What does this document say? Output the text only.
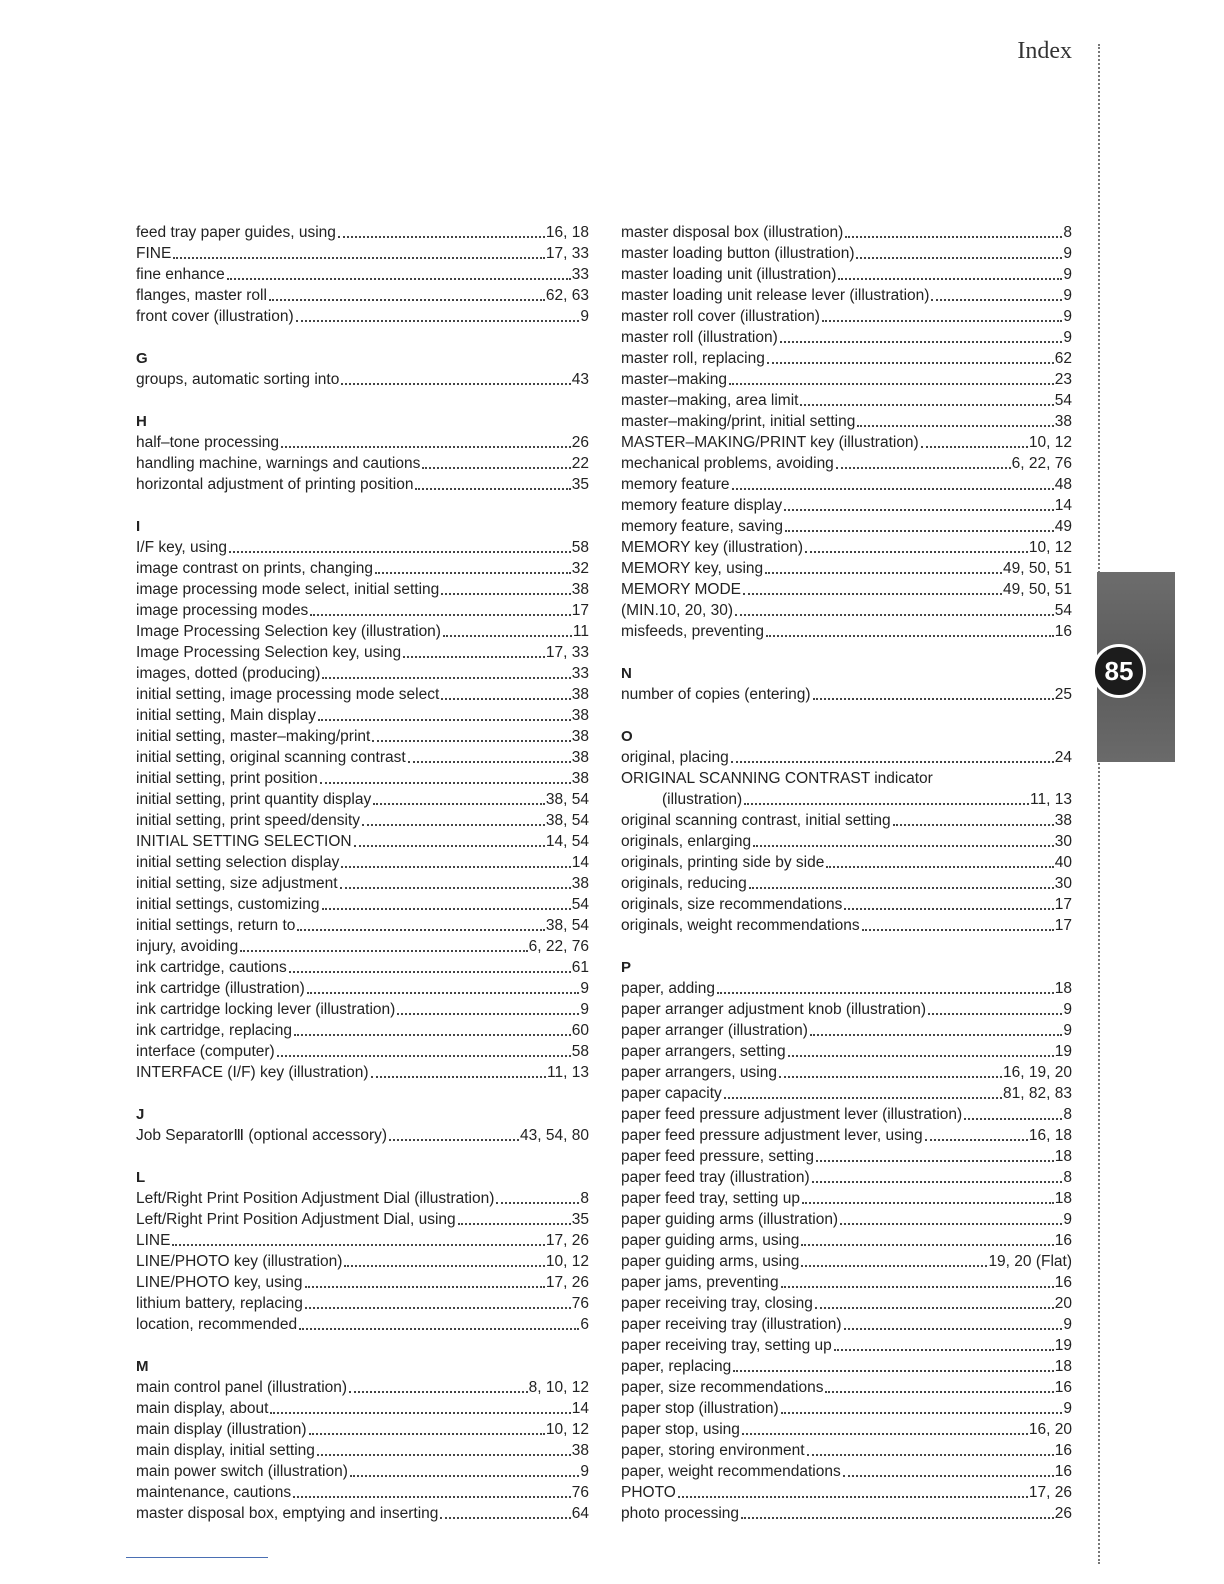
Index
85
feed tray paper guides, using	16, 18
FINE	17, 33
fine enhance	33
flanges, master roll	62, 63
front cover (illustration)	9
G
groups, automatic sorting into	43
H
half–tone processing	26
handling machine, warnings and cautions	22
horizontal adjustment of printing position	35
I
I/F key, using	58
image contrast on prints, changing	32
image processing mode select, initial setting	38
image processing modes	17
Image Processing Selection key (illustration)	11
Image Processing Selection key, using	17, 33
images, dotted (producing)	33
initial setting, image processing mode select	38
initial setting, Main display	38
initial setting, master–making/print	38
initial setting, original scanning contrast	38
initial setting, print position	38
initial setting, print quantity display	38, 54
initial setting, print speed/density	38, 54
INITIAL SETTING SELECTION	14, 54
initial setting selection display	14
initial setting, size adjustment	38
initial settings, customizing	54
initial settings, return to	38, 54
injury, avoiding	6, 22, 76
ink cartridge, cautions	61
ink cartridge (illustration)	9
ink cartridge locking lever (illustration)	9
ink cartridge, replacing	60
interface (computer)	58
INTERFACE (I/F) key (illustration)	11, 13
J
Job SeparatorⅢ (optional accessory)	43, 54, 80
L
Left/Right Print Position Adjustment Dial (illustration)	8
Left/Right Print Position Adjustment Dial, using	35
LINE	17, 26
LINE/PHOTO key (illustration)	10, 12
LINE/PHOTO key, using	17, 26
lithium battery, replacing	76
location, recommended	6
M
main control panel (illustration)	8, 10, 12
main display, about	14
main display (illustration)	10, 12
main display, initial setting	38
main power switch (illustration)	9
maintenance, cautions	76
master disposal box, emptying and inserting	64
master disposal box (illustration)	8
master loading button (illustration)	9
master loading unit (illustration)	9
master loading unit release lever (illustration)	9
master roll cover (illustration)	9
master roll (illustration)	9
master roll, replacing	62
master–making	23
master–making, area limit	54
master–making/print, initial setting	38
MASTER–MAKING/PRINT key (illustration)	10, 12
mechanical problems, avoiding	6, 22, 76
memory feature	48
memory feature display	14
memory feature, saving	49
MEMORY key (illustration)	10, 12
MEMORY key, using	49, 50, 51
MEMORY MODE	49, 50, 51
(MIN.10, 20, 30)	54
misfeeds, preventing	16
N
number of copies (entering)	25
O
original, placing	24
ORIGINAL SCANNING CONTRAST indicator
(illustration)	11, 13
original scanning contrast, initial setting	38
originals, enlarging	30
originals, printing side by side	40
originals, reducing	30
originals, size recommendations	17
originals, weight recommendations	17
P
paper, adding	18
paper arranger adjustment knob (illustration)	9
paper arranger (illustration)	9
paper arrangers, setting	19
paper arrangers, using	16, 19, 20
paper capacity	81, 82, 83
paper feed pressure adjustment lever (illustration)	8
paper feed pressure adjustment lever, using	16, 18
paper feed pressure, setting	18
paper feed tray (illustration)	8
paper feed tray, setting up	18
paper guiding arms (illustration)	9
paper guiding arms, using	16
paper guiding arms, using	19, 20 (Flat)
paper jams, preventing	16
paper receiving tray, closing	20
paper receiving tray (illustration)	9
paper receiving tray, setting up	19
paper, replacing	18
paper, size recommendations	16
paper stop (illustration)	9
paper stop, using	16, 20
paper, storing environment	16
paper, weight recommendations	16
PHOTO	17, 26
photo processing	26
